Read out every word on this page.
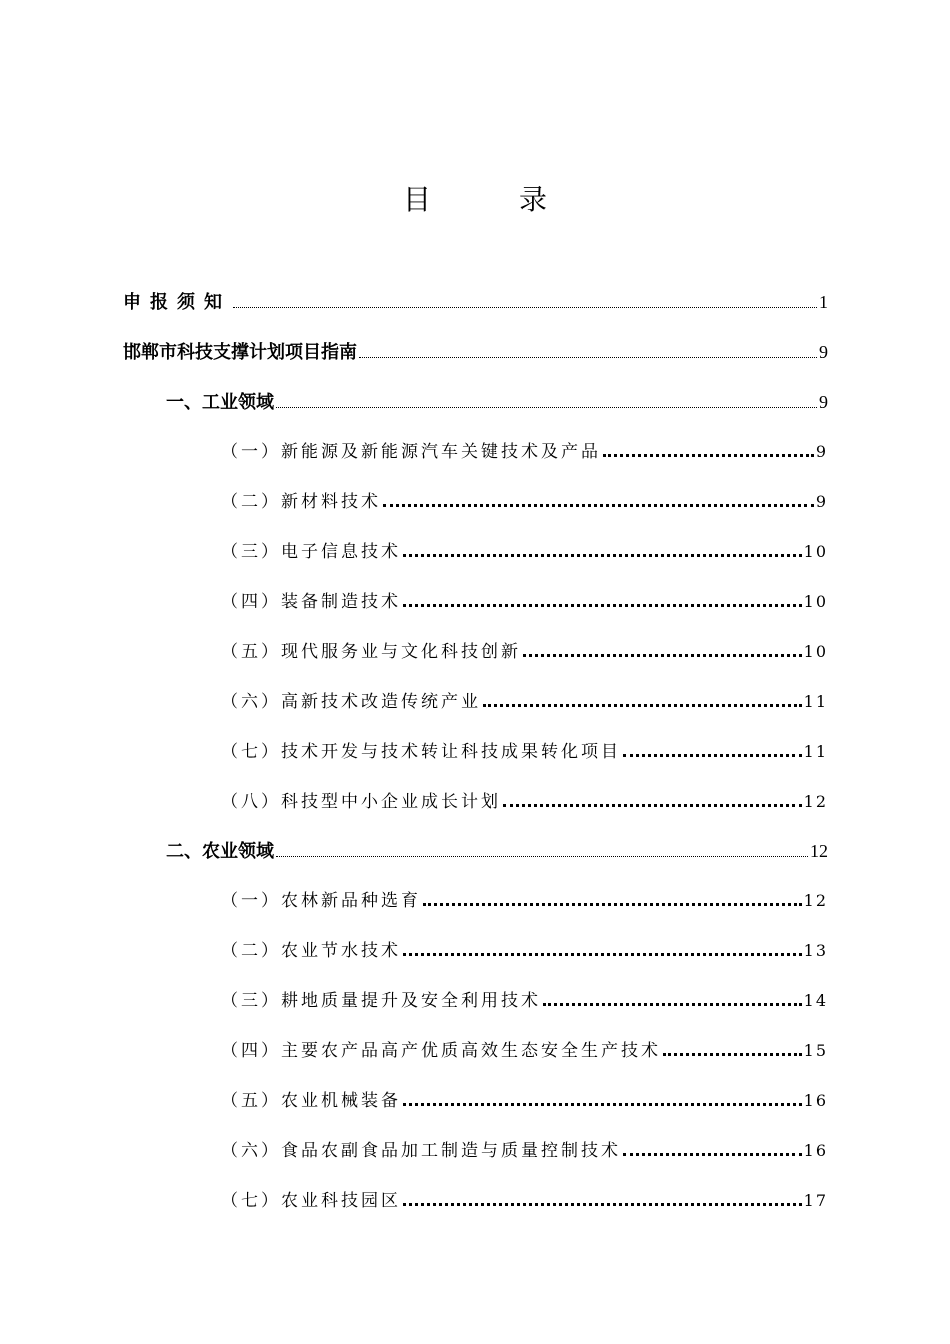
目　录
申报须知	1
邯郸市科技支撑计划项目指南	9
一、工业领域	9
（一）新能源及新能源汽车关键技术及产品	9
（二）新材料技术	9
（三）电子信息技术	10
（四）装备制造技术	10
（五）现代服务业与文化科技创新	10
（六）高新技术改造传统产业	11
（七）技术开发与技术转让科技成果转化项目	11
（八）科技型中小企业成长计划	12
二、农业领域	12
（一）农林新品种选育	12
（二）农业节水技术	13
（三）耕地质量提升及安全利用技术	14
（四）主要农产品高产优质高效生态安全生产技术	15
（五）农业机械装备	16
（六）食品农副食品加工制造与质量控制技术	16
（七）农业科技园区	17
